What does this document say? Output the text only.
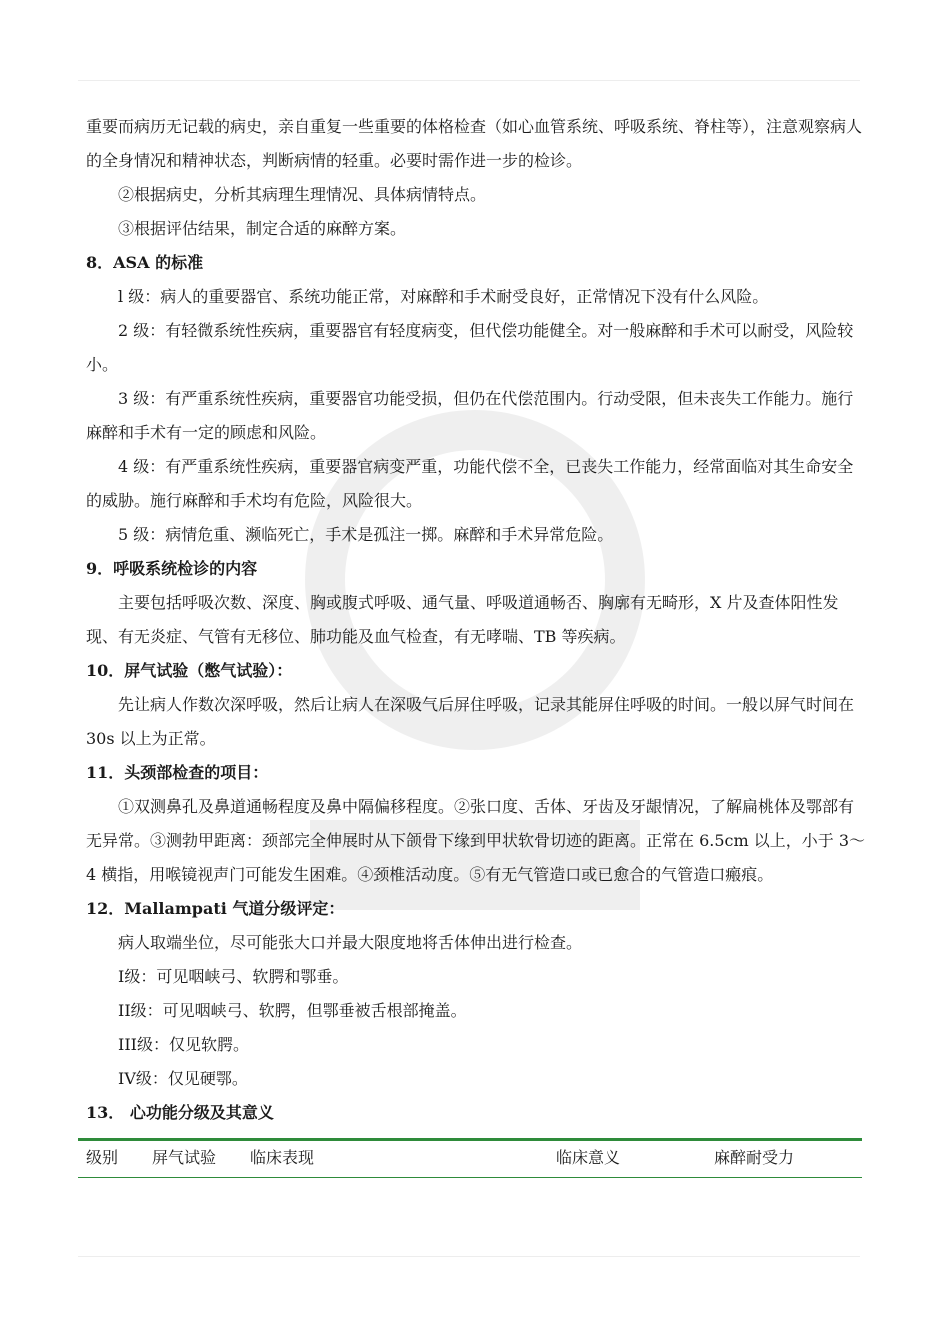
重要而病历无记载的病史，亲自重复一些重要的体格检查（如心血管系统、呼吸系统、脊柱等），注意观察病人的全身情况和精神状态，判断病情的轻重。必要时需作进一步的检诊。

②根据病史，分析其病理生理情况、具体病情特点。

③根据评估结果，制定合适的麻醉方案。

8．ASA 的标准

l 级：病人的重要器官、系统功能正常，对麻醉和手术耐受良好，正常情况下没有什么风险。

2 级：有轻微系统性疾病，重要器官有轻度病变，但代偿功能健全。对一般麻醉和手术可以耐受，风险较小。

3 级：有严重系统性疾病，重要器官功能受损，但仍在代偿范围内。行动受限，但未丧失工作能力。施行麻醉和手术有一定的顾虑和风险。

4 级：有严重系统性疾病，重要器官病变严重，功能代偿不全，已丧失工作能力，经常面临对其生命安全的威胁。施行麻醉和手术均有危险，风险很大。

5 级：病情危重、濒临死亡，手术是孤注一掷。麻醉和手术异常危险。

9．呼吸系统检诊的内容

主要包括呼吸次数、深度、胸或腹式呼吸、通气量、呼吸道通畅否、胸廓有无畸形，X 片及查体阳性发现、有无炎症、气管有无移位、肺功能及血气检查，有无哮喘、TB 等疾病。

10．屏气试验（憋气试验）：

先让病人作数次深呼吸，然后让病人在深吸气后屏住呼吸，记录其能屏住呼吸的时间。一般以屏气时间在 30s 以上为正常。

11．头颈部检查的项目：

①双测鼻孔及鼻道通畅程度及鼻中隔偏移程度。②张口度、舌体、牙齿及牙龈情况，了解扁桃体及鄂部有无异常。③测勃甲距离：颈部完全伸展时从下颌骨下缘到甲状软骨切迹的距离。正常在 6.5cm 以上，小于 3～4 横指，用喉镜视声门可能发生困难。④颈椎活动度。⑤有无气管造口或已愈合的气管造口瘢痕。

12．Mallampati 气道分级评定：

病人取端坐位，尽可能张大口并最大限度地将舌体伸出进行检查。

I级：可见咽峡弓、软腭和鄂垂。

II级：可见咽峡弓、软腭，但鄂垂被舌根部掩盖。

III级：仅见软腭。

IV级：仅见硬鄂。

13． 心功能分级及其意义

级别 屏气试验 临床表现	临床意义	麻醉耐受力
